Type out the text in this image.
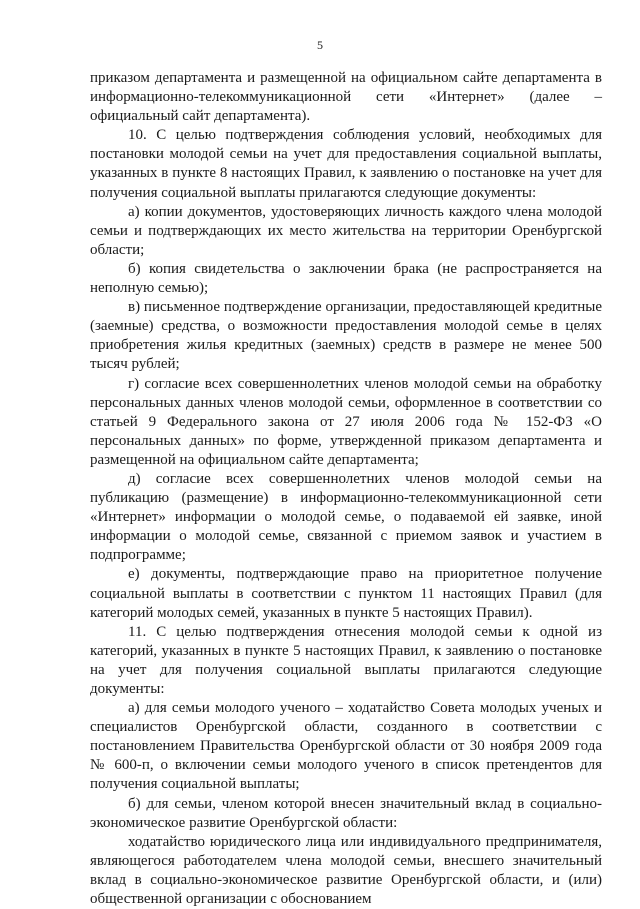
5

приказом департамента и размещенной на официальном сайте департамента в информационно-телекоммуникационной сети «Интернет» (далее – официальный сайт департамента).

10. С целью подтверждения соблюдения условий, необходимых для постановки молодой семьи на учет для предоставления социальной выплаты, указанных в пункте 8 настоящих Правил, к заявлению о постановке на учет для получения социальной выплаты прилагаются следующие документы:

а) копии документов, удостоверяющих личность каждого члена молодой семьи и подтверждающих их место жительства на территории Оренбургской области;

б) копия свидетельства о заключении брака (не распространяется на неполную семью);

в) письменное подтверждение организации, предоставляющей кредитные (заемные) средства, о возможности предоставления молодой семье в целях приобретения жилья кредитных (заемных) средств в размере не менее 500 тысяч рублей;

г) согласие всех совершеннолетних членов молодой семьи на обработку персональных данных членов молодой семьи, оформленное в соответствии со статьей 9 Федерального закона от 27 июля 2006 года № 152-ФЗ «О персональных данных» по форме, утвержденной приказом департамента и размещенной на официальном сайте департамента;

д) согласие всех совершеннолетних членов молодой семьи на публикацию (размещение) в информационно-телекоммуникационной сети «Интернет» информации о молодой семье, о подаваемой ей заявке, иной информации о молодой семье, связанной с приемом заявок и участием в подпрограмме;

е) документы, подтверждающие право на приоритетное получение социальной выплаты в соответствии с пунктом 11 настоящих Правил (для категорий молодых семей, указанных в пункте 5 настоящих Правил).

11. С целью подтверждения отнесения молодой семьи к одной из категорий, указанных в пункте 5 настоящих Правил, к заявлению о постановке на учет для получения социальной выплаты прилагаются следующие документы:

а) для семьи молодого ученого – ходатайство Совета молодых ученых и специалистов Оренбургской области, созданного в соответствии с постановлением Правительства Оренбургской области от 30 ноября 2009 года № 600-п, о включении семьи молодого ученого в список претендентов для получения социальной выплаты;

б) для семьи, членом которой внесен значительный вклад в социально-экономическое развитие Оренбургской области:

ходатайство юридического лица или индивидуального предпринимателя, являющегося работодателем члена молодой семьи, внесшего значительный вклад в социально-экономическое развитие Оренбургской области, и (или) общественной организации с обоснованием
